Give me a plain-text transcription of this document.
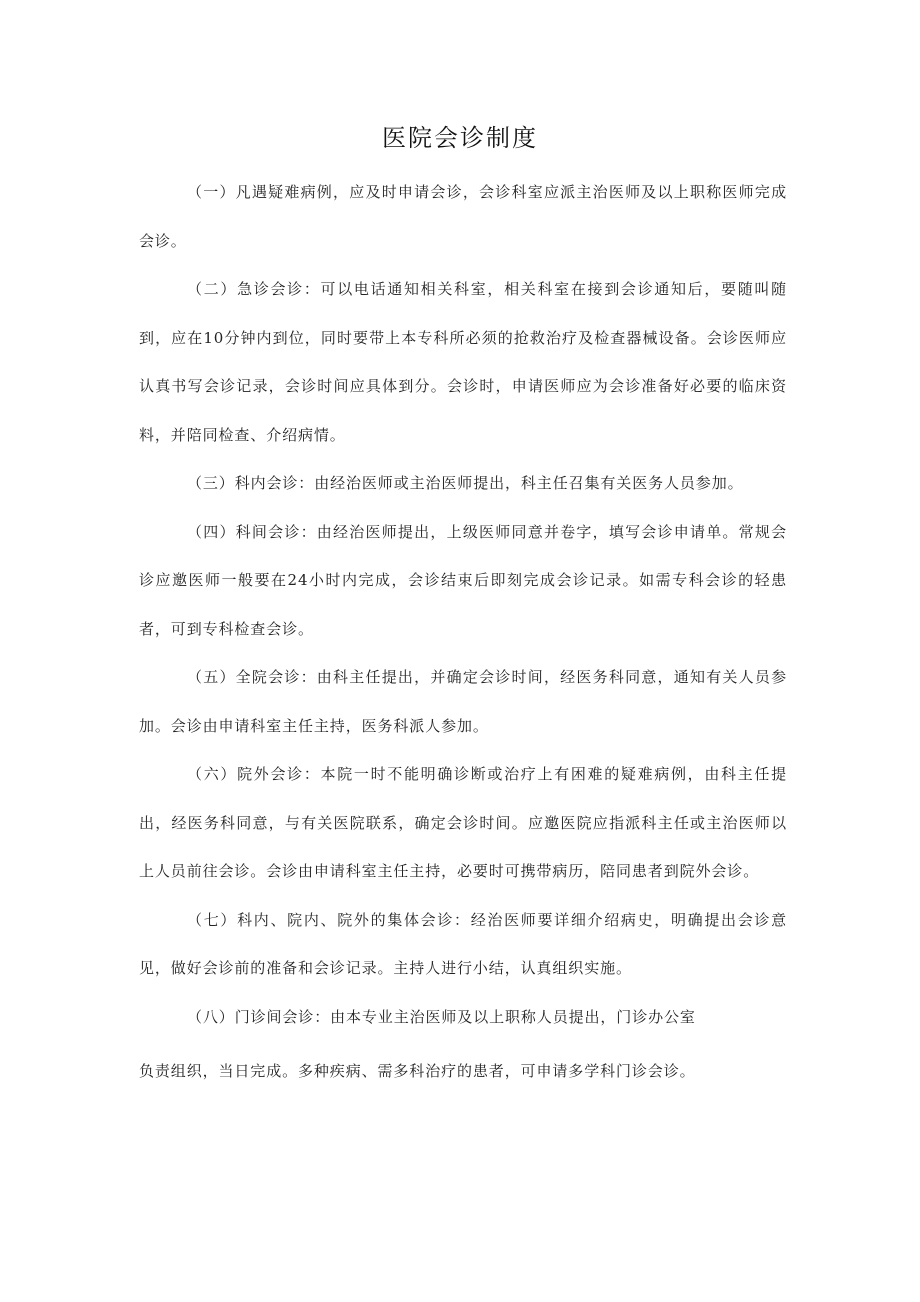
医院会诊制度

（一）凡遇疑难病例，应及时申请会诊，会诊科室应派主治医师及以上职称医师完成会诊。

（二）急诊会诊：可以电话通知相关科室，相关科室在接到会诊通知后，要随叫随到，应在10分钟内到位，同时要带上本专科所必须的抢救治疗及检查器械设备。会诊医师应认真书写会诊记录，会诊时间应具体到分。会诊时，申请医师应为会诊准备好必要的临床资料，并陪同检查、介绍病情。

（三）科内会诊：由经治医师或主治医师提出，科主任召集有关医务人员参加。

（四）科间会诊：由经治医师提出，上级医师同意并卷字，填写会诊申请单。常规会诊应邀医师一般要在24小时内完成，会诊结束后即刻完成会诊记录。如需专科会诊的轻患者，可到专科检查会诊。

（五）全院会诊：由科主任提出，并确定会诊时间，经医务科同意，通知有关人员参加。会诊由申请科室主任主持，医务科派人参加。

（六）院外会诊：本院一时不能明确诊断或治疗上有困难的疑难病例，由科主任提出，经医务科同意，与有关医院联系，确定会诊时间。应邀医院应指派科主任或主治医师以上人员前往会诊。会诊由申请科室主任主持，必要时可携带病历，陪同患者到院外会诊。

（七）科内、院内、院外的集体会诊：经治医师要详细介绍病史，明确提出会诊意见，做好会诊前的准备和会诊记录。主持人进行小结，认真组织实施。

（八）门诊间会诊：由本专业主治医师及以上职称人员提出，门诊办公室

负责组织，当日完成。多种疾病、需多科治疗的患者，可申请多学科门诊会诊。
